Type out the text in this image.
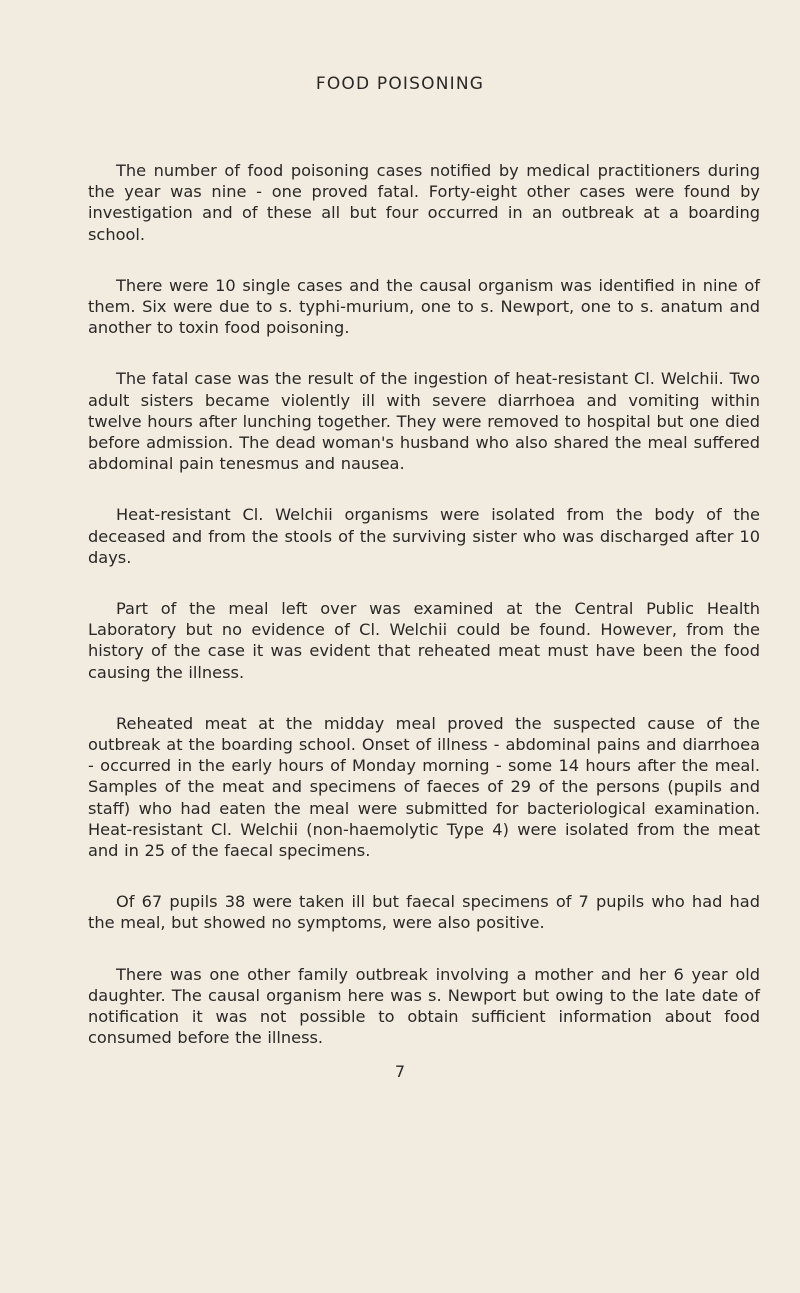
FOOD POISONING

The number of food poisoning cases notified by medical practitioners during the year was nine - one proved fatal. Forty-eight other cases were found by investigation and of these all but four occurred in an outbreak at a boarding school.

There were 10 single cases and the causal organism was identified in nine of them. Six were due to s. typhi-murium, one to s. Newport, one to s. anatum and another to toxin food poisoning.

The fatal case was the result of the ingestion of heat-resistant Cl. Welchii. Two adult sisters became violently ill with severe diarrhoea and vomiting within twelve hours after lunching together. They were removed to hospital but one died before admission. The dead woman's husband who also shared the meal suffered abdominal pain tenesmus and nausea.

Heat-resistant Cl. Welchii organisms were isolated from the body of the deceased and from the stools of the surviving sister who was discharged after 10 days.

Part of the meal left over was examined at the Central Public Health Laboratory but no evidence of Cl. Welchii could be found. However, from the history of the case it was evident that reheated meat must have been the food causing the illness.

Reheated meat at the midday meal proved the suspected cause of the outbreak at the boarding school. Onset of illness - abdominal pains and diarrhoea - occurred in the early hours of Monday morning - some 14 hours after the meal. Samples of the meat and specimens of faeces of 29 of the persons (pupils and staff) who had eaten the meal were submitted for bacteriological examination. Heat-resistant Cl. Welchii (non-haemolytic Type 4) were isolated from the meat and in 25 of the faecal specimens.

Of 67 pupils 38 were taken ill but faecal specimens of 7 pupils who had had the meal, but showed no symptoms, were also positive.

There was one other family outbreak involving a mother and her 6 year old daughter. The causal organism here was s. Newport but owing to the late date of notification it was not possible to obtain sufficient information about food consumed before the illness.

7
